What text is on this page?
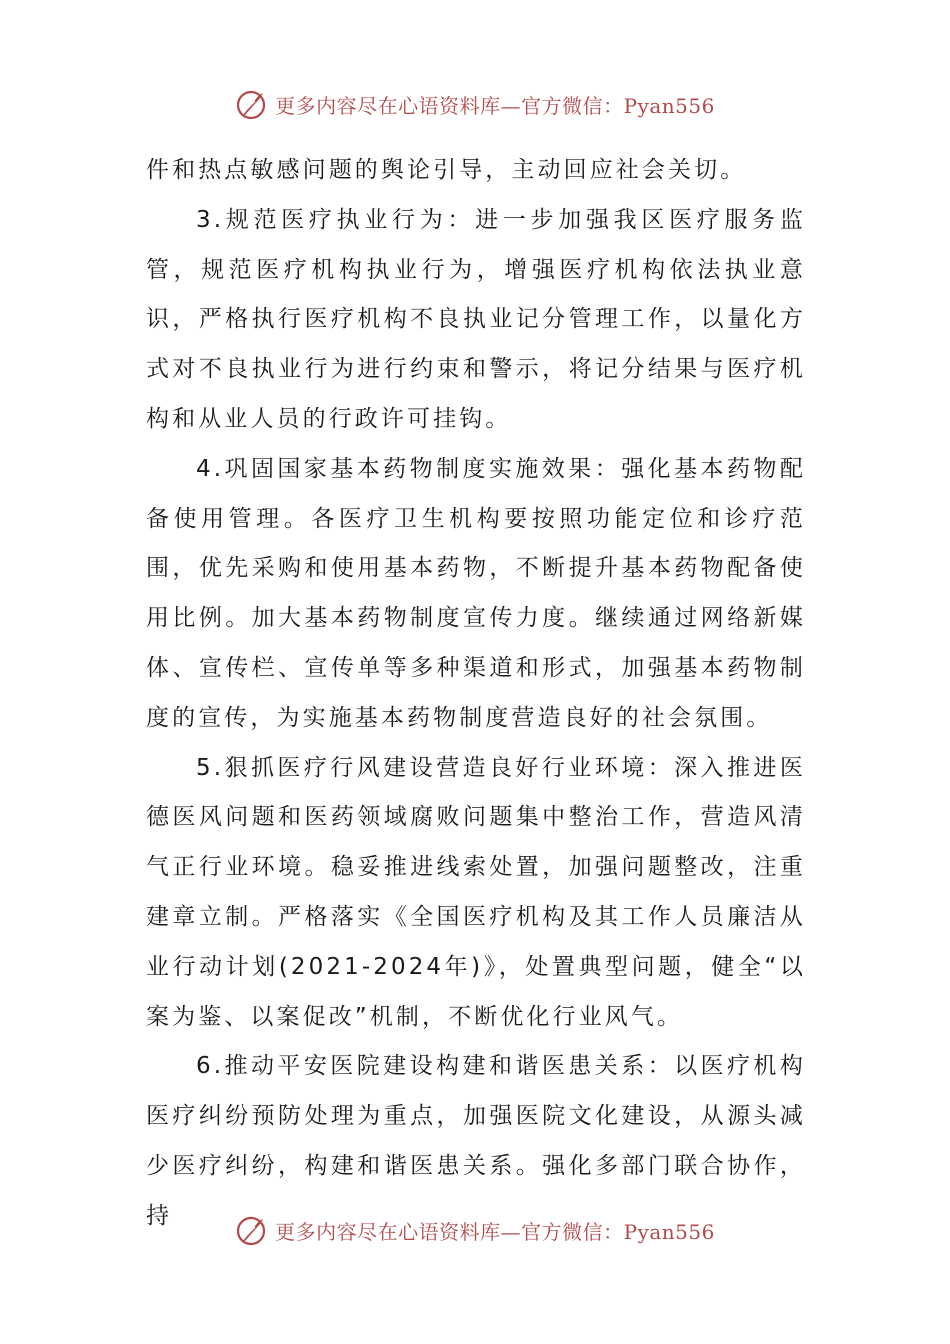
更多内容尽在心语资料库—官方微信：Pyan556

件和热点敏感问题的舆论引导，主动回应社会关切。

3.规范医疗执业行为：进一步加强我区医疗服务监管，规范医疗机构执业行为，增强医疗机构依法执业意识，严格执行医疗机构不良执业记分管理工作，以量化方式对不良执业行为进行约束和警示，将记分结果与医疗机构和从业人员的行政许可挂钩。

4.巩固国家基本药物制度实施效果：强化基本药物配备使用管理。各医疗卫生机构要按照功能定位和诊疗范围，优先采购和使用基本药物，不断提升基本药物配备使用比例。加大基本药物制度宣传力度。继续通过网络新媒体、宣传栏、宣传单等多种渠道和形式，加强基本药物制度的宣传，为实施基本药物制度营造良好的社会氛围。

5.狠抓医疗行风建设营造良好行业环境：深入推进医德医风问题和医药领域腐败问题集中整治工作，营造风清气正行业环境。稳妥推进线索处置，加强问题整改，注重建章立制。严格落实《全国医疗机构及其工作人员廉洁从业行动计划(2021-2024年)》，处置典型问题，健全“以案为鉴、以案促改”机制，不断优化行业风气。

6.推动平安医院建设构建和谐医患关系：以医疗机构医疗纠纷预防处理为重点，加强医院文化建设，从源头减少医疗纠纷，构建和谐医患关系。强化多部门联合协作，持

更多内容尽在心语资料库—官方微信：Pyan556
